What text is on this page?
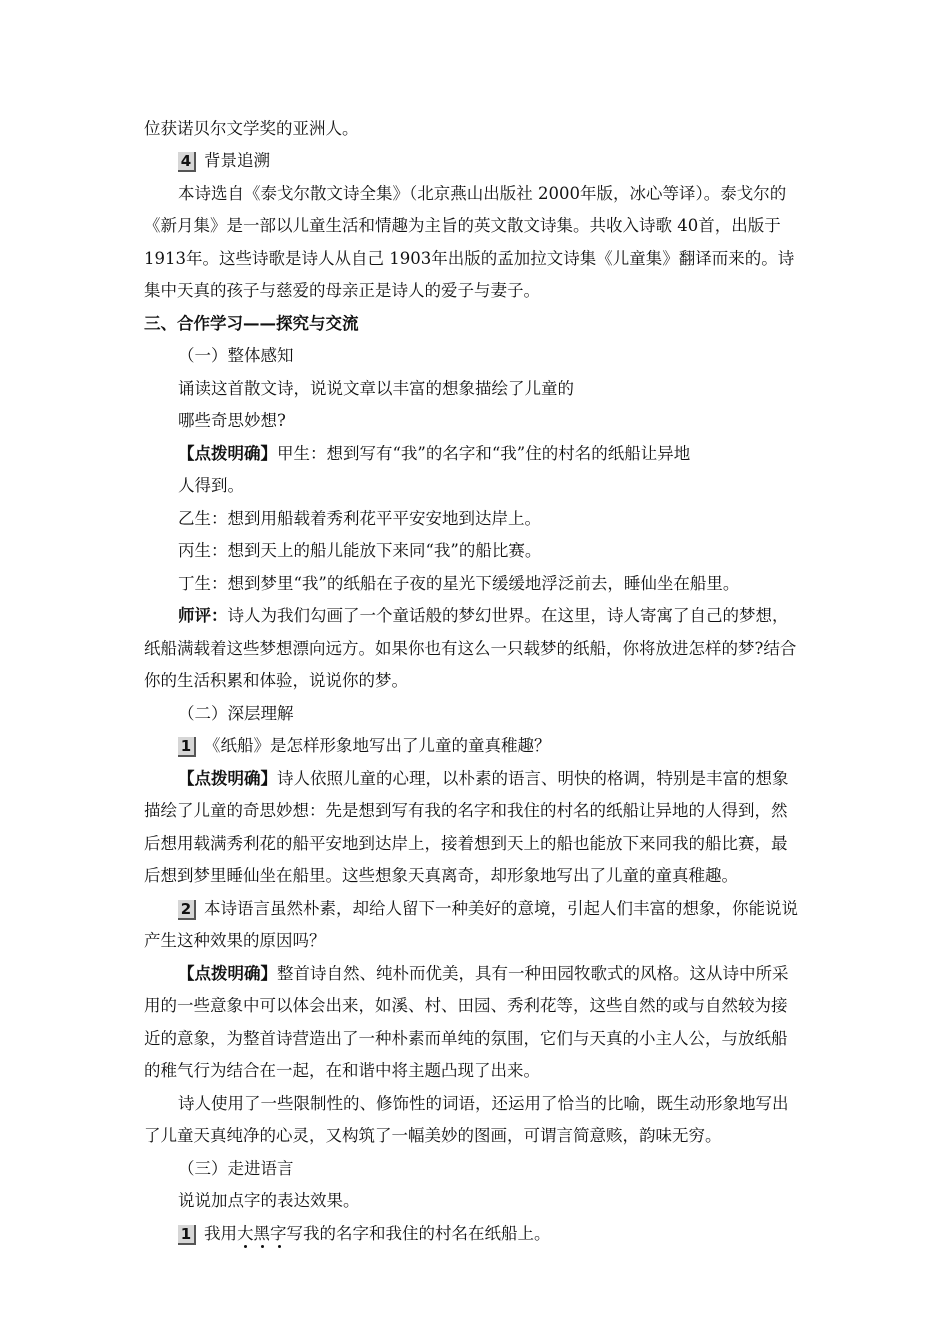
位获诺贝尔文学奖的亚洲人。
4 背景追溯
本诗选自《泰戈尔散文诗全集》（北京燕山出版社 2000年版，冰心等译）。泰戈尔的
《新月集》是一部以儿童生活和情趣为主旨的英文散文诗集。共收入诗歌 40首，出版于
1913年。这些诗歌是诗人从自己 1903年出版的孟加拉文诗集《儿童集》翻译而来的。诗
集中天真的孩子与慈爱的母亲正是诗人的爱子与妻子。
三、合作学习——探究与交流
（一）整体感知
诵读这首散文诗，说说文章以丰富的想象描绘了儿童的
哪些奇思妙想?
【点拨明确】甲生：想到写有“我”的名字和“我”住的村名的纸船让异地
人得到。
乙生：想到用船载着秀利花平平安安地到达岸上。
丙生：想到天上的船儿能放下来同“我”的船比赛。
丁生：想到梦里“我”的纸船在子夜的星光下缓缓地浮泛前去，睡仙坐在船里。
师评：诗人为我们勾画了一个童话般的梦幻世界。在这里，诗人寄寓了自己的梦想，
纸船满载着这些梦想漂向远方。如果你也有这么一只载梦的纸船，你将放进怎样的梦?结合
你的生活积累和体验，说说你的梦。
（二）深层理解
1 《纸船》是怎样形象地写出了儿童的童真稚趣？
【点拨明确】诗人依照儿童的心理，以朴素的语言、明快的格调，特别是丰富的想象
描绘了儿童的奇思妙想：先是想到写有我的名字和我住的村名的纸船让异地的人得到，然
后想用载满秀利花的船平安地到达岸上，接着想到天上的船也能放下来同我的船比赛，最
后想到梦里睡仙坐在船里。这些想象天真离奇，却形象地写出了儿童的童真稚趣。
2 本诗语言虽然朴素，却给人留下一种美好的意境，引起人们丰富的想象，你能说说
产生这种效果的原因吗？
【点拨明确】整首诗自然、纯朴而优美，具有一种田园牧歌式的风格。这从诗中所采
用的一些意象中可以体会出来，如溪、村、田园、秀利花等，这些自然的或与自然较为接
近的意象，为整首诗营造出了一种朴素而单纯的氛围，它们与天真的小主人公，与放纸船
的稚气行为结合在一起，在和谐中将主题凸现了出来。
诗人使用了一些限制性的、修饰性的词语，还运用了恰当的比喻，既生动形象地写出
了儿童天真纯净的心灵，又构筑了一幅美妙的图画，可谓言简意赅，韵味无穷。
（三）走进语言
说说加点字的表达效果。
1 我用大黑字
写我的名字和我住的村名在纸船上。
